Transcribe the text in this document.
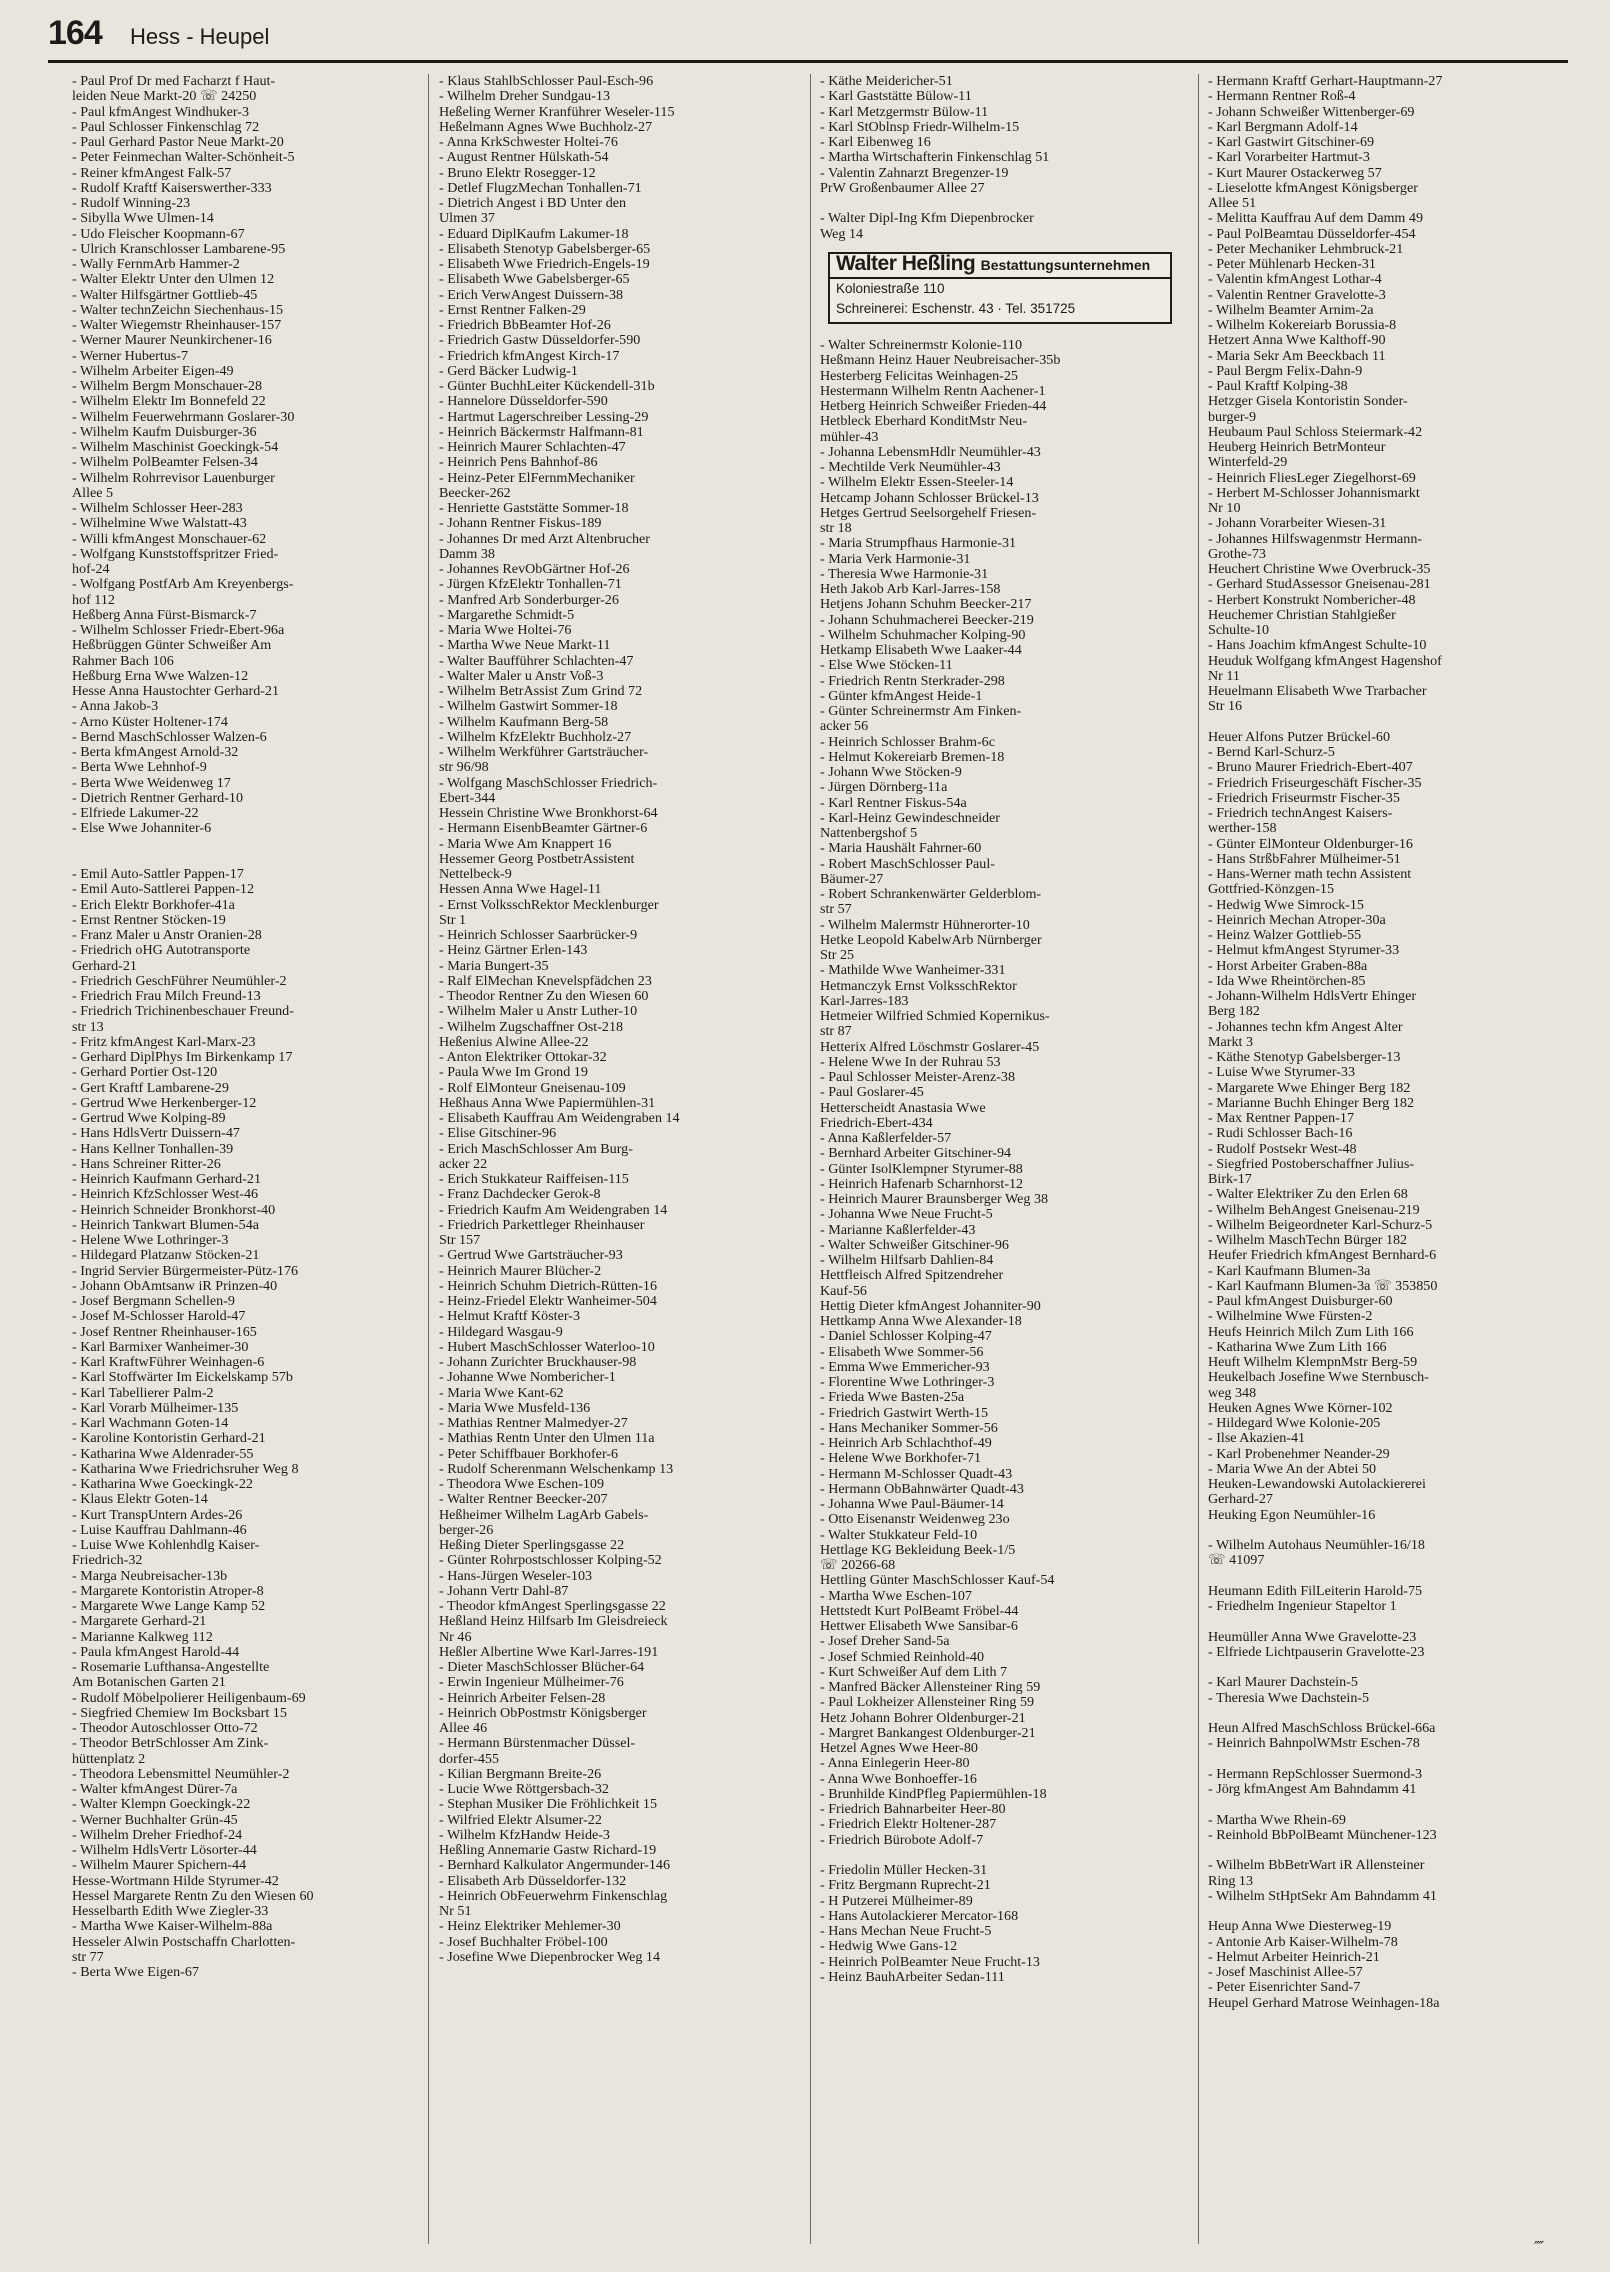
164 Hess - Heupel
- Paul Prof Dr med Facharzt f Haut-
leiden Neue Markt-20 ☏ 24250
- Paul kfmAngest Windhuker-3
- Paul Schlosser Finkenschlag 72
- Paul Gerhard Pastor Neue Markt-20
- Peter Feinmechan Walter-Schönheit-5
- Reiner kfmAngest Falk-57
- Rudolf Kraftf Kaiserswerther-333
- Rudolf Winning-23
- Sibylla Wwe Ulmen-14
- Udo Fleischer Koopmann-67
- Ulrich Kranschlosser Lambarene-95
- Wally FernmArb Hammer-2
- Walter Elektr Unter den Ulmen 12
- Walter Hilfsgärtner Gottlieb-45
- Walter technZeichn Siechenhaus-15
- Walter Wiegemstr Rheinhauser-157
- Werner Maurer Neunkirchener-16
- Werner Hubertus-7
- Wilhelm Arbeiter Eigen-49
- Wilhelm Bergm Monschauer-28
- Wilhelm Elektr Im Bonnefeld 22
- Wilhelm Feuerwehrmann Goslarer-30
- Wilhelm Kaufm Duisburger-36
- Wilhelm Maschinist Goeckingk-54
- Wilhelm PolBeamter Felsen-34
- Wilhelm Rohrrevisor Lauenburger
Allee 5
- Wilhelm Schlosser Heer-283
- Wilhelmine Wwe Walstatt-43
- Willi kfmAngest Monschauer-62
- Wolfgang Kunststoffspritzer Fried-
hof-24
- Wolfgang PostfArb Am Kreyenbergs-
hof 112
Heßberg Anna Fürst-Bismarck-7
- Wilhelm Schlosser Friedr-Ebert-96a
Heßbrüggen Günter Schweißer Am
Rahmer Bach 106
Heßburg Erna Wwe Walzen-12
Hesse Anna Haustochter Gerhard-21
- Anna Jakob-3
- Arno Küster Holtener-174
- Bernd MaschSchlosser Walzen-6
- Berta kfmAngest Arnold-32
- Berta Wwe Lehnhof-9
- Berta Wwe Weidenweg 17
- Dietrich Rentner Gerhard-10
- Elfriede Lakumer-22
- Else Wwe Johanniter-6
- Emil Auto-Sattler Pappen-17
- Emil Auto-Sattlerei Pappen-12
- Erich Elektr Borkhofer-41a
- Ernst Rentner Stöcken-19
- Franz Maler u Anstr Oranien-28
- Friedrich oHG Autotransporte
Gerhard-21
- Friedrich GeschFührer Neumühler-2
- Friedrich Frau Milch Freund-13
- Friedrich Trichinenbeschauer Freund-
str 13
- Fritz kfmAngest Karl-Marx-23
- Gerhard DiplPhys Im Birkenkamp 17
- Gerhard Portier Ost-120
- Gert Kraftf Lambarene-29
- Gertrud Wwe Herkenberger-12
- Gertrud Wwe Kolping-89
- Hans HdlsVertr Duissern-47
- Hans Kellner Tonhallen-39
- Hans Schreiner Ritter-26
- Heinrich Kaufmann Gerhard-21
- Heinrich KfzSchlosser West-46
- Heinrich Schneider Bronkhorst-40
- Heinrich Tankwart Blumen-54a
- Helene Wwe Lothringer-3
- Hildegard Platzanw Stöcken-21
- Ingrid Servier Bürgermeister-Pütz-176
- Johann ObAmtsanw iR Prinzen-40
- Josef Bergmann Schellen-9
- Josef M-Schlosser Harold-47
- Josef Rentner Rheinhauser-165
- Karl Barmixer Wanheimer-30
- Karl KraftwFührer Weinhagen-6
- Karl Stoffwärter Im Eickelskamp 57b
- Karl Tabellierer Palm-2
- Karl Vorarb Mülheimer-135
- Karl Wachmann Goten-14
- Karoline Kontoristin Gerhard-21
- Katharina Wwe Aldenrader-55
- Katharina Wwe Friedrichsruher Weg 8
- Katharina Wwe Goeckingk-22
- Klaus Elektr Goten-14
- Kurt TranspUntern Ardes-26
- Luise Kauffrau Dahlmann-46
- Luise Wwe Kohlenhdlg Kaiser-
Friedrich-32
- Marga Neubreisacher-13b
- Margarete Kontoristin Atroper-8
- Margarete Wwe Lange Kamp 52
- Margarete Gerhard-21
- Marianne Kalkweg 112
- Paula kfmAngest Harold-44
- Rosemarie Lufthansa-Angestellte
Am Botanischen Garten 21
- Rudolf Möbelpolierer Heiligenbaum-69
- Siegfried Chemiew Im Bocksbart 15
- Theodor Autoschlosser Otto-72
- Theodor BetrSchlosser Am Zink-
hüttenplatz 2
- Theodora Lebensmittel Neumühler-2
- Walter kfmAngest Dürer-7a
- Walter Klempn Goeckingk-22
- Werner Buchhalter Grün-45
- Wilhelm Dreher Friedhof-24
- Wilhelm HdlsVertr Lösorter-44
- Wilhelm Maurer Spichern-44
Hesse-Wortmann Hilde Styrumer-42
Hessel Margarete Rentn Zu den Wiesen 60
Hesselbarth Edith Wwe Ziegler-33
- Martha Wwe Kaiser-Wilhelm-88a
Hesseler Alwin Postschaffn Charlotten-
str 77
- Berta Wwe Eigen-67
- Klaus StahlbSchlosser Paul-Esch-96
- Wilhelm Dreher Sundgau-13
Heßeling Werner Kranführer Weseler-115
Heßelmann Agnes Wwe Buchholz-27
- Anna KrkSchwester Holtei-76
- August Rentner Hülskath-54
- Bruno Elektr Rosegger-12
- Detlef FlugzMechan Tonhallen-71
- Dietrich Angest i BD Unter den
Ulmen 37
- Eduard DiplKaufm Lakumer-18
- Elisabeth Stenotyp Gabelsberger-65
- Elisabeth Wwe Friedrich-Engels-19
- Elisabeth Wwe Gabelsberger-65
- Erich VerwAngest Duissern-38
- Ernst Rentner Falken-29
- Friedrich BbBeamter Hof-26
- Friedrich Gastw Düsseldorfer-590
- Friedrich kfmAngest Kirch-17
- Gerd Bäcker Ludwig-1
- Günter BuchhLeiter Kückendell-31b
- Hannelore Düsseldorfer-590
- Hartmut Lagerschreiber Lessing-29
- Heinrich Bäckermstr Halfmann-81
- Heinrich Maurer Schlachten-47
- Heinrich Pens Bahnhof-86
- Heinz-Peter ElFernmMechaniker
Beecker-262
- Henriette Gaststätte Sommer-18
- Johann Rentner Fiskus-189
- Johannes Dr med Arzt Altenbrucher
Damm 38
- Johannes RevObGärtner Hof-26
- Jürgen KfzElektr Tonhallen-71
- Manfred Arb Sonderburger-26
- Margarethe Schmidt-5
- Maria Wwe Holtei-76
- Martha Wwe Neue Markt-11
- Walter Baufführer Schlachten-47
- Walter Maler u Anstr Voß-3
- Wilhelm BetrAssist Zum Grind 72
- Wilhelm Gastwirt Sommer-18
- Wilhelm Kaufmann Berg-58
- Wilhelm KfzElektr Buchholz-27
- Wilhelm Werkführer Gartsträucher-
str 96/98
- Wolfgang MaschSchlosser Friedrich-
Ebert-344
Hessein Christine Wwe Bronkhorst-64
- Hermann EisenbBeamter Gärtner-6
- Maria Wwe Am Knappert 16
Hessemer Georg PostbetrAssistent
Nettelbeck-9
Hessen Anna Wwe Hagel-11
- Ernst VolksschRektor Mecklenburger
Str 1
- Heinrich Schlosser Saarbrücker-9
- Heinz Gärtner Erlen-143
- Maria Bungert-35
- Ralf ElMechan Knevelspfädchen 23
- Theodor Rentner Zu den Wiesen 60
- Wilhelm Maler u Anstr Luther-10
- Wilhelm Zugschaffner Ost-218
Heßenius Alwine Allee-22
- Anton Elektriker Ottokar-32
- Paula Wwe Im Grond 19
- Rolf ElMonteur Gneisenau-109
Heßhaus Anna Wwe Papiermühlen-31
- Elisabeth Kauffrau Am Weidengraben 14
- Elise Gitschiner-96
- Erich MaschSchlosser Am Burg-
acker 22
- Erich Stukkateur Raiffeisen-115
- Franz Dachdecker Gerok-8
- Friedrich Kaufm Am Weidengraben 14
- Friedrich Parkettleger Rheinhauser
Str 157
- Gertrud Wwe Gartsträucher-93
- Heinrich Maurer Blücher-2
- Heinrich Schuhm Dietrich-Rütten-16
- Heinz-Friedel Elektr Wanheimer-504
- Helmut Kraftf Köster-3
- Hildegard Wasgau-9
- Hubert MaschSchlosser Waterloo-10
- Johann Zurichter Bruckhauser-98
- Johanne Wwe Nombericher-1
- Maria Wwe Kant-62
- Maria Wwe Musfeld-136
- Mathias Rentner Malmedyer-27
- Mathias Rentn Unter den Ulmen 11a
- Peter Schiffbauer Borkhofer-6
- Rudolf Scherenmann Welschenkamp 13
- Theodora Wwe Eschen-109
- Walter Rentner Beecker-207
Heßheimer Wilhelm LagArb Gabels-
berger-26
Heßing Dieter Sperlingsgasse 22
- Günter Rohrpostschlosser Kolping-52
- Hans-Jürgen Weseler-103
- Johann Vertr Dahl-87
- Theodor kfmAngest Sperlingsgasse 22
Heßland Heinz Hilfsarb Im Gleisdreieck
Nr 46
Heßler Albertine Wwe Karl-Jarres-191
- Dieter MaschSchlosser Blücher-64
- Erwin Ingenieur Mülheimer-76
- Heinrich Arbeiter Felsen-28
- Heinrich ObPostmstr Königsberger
Allee 46
- Hermann Bürstenmacher Düssel-
dorfer-455
- Kilian Bergmann Breite-26
- Lucie Wwe Röttgersbach-32
- Stephan Musiker Die Fröhlichkeit 15
- Wilfried Elektr Alsumer-22
- Wilhelm KfzHandw Heide-3
Heßling Annemarie Gastw Richard-19
- Bernhard Kalkulator Angermunder-146
- Elisabeth Arb Düsseldorfer-132
- Heinrich ObFeuerwehrm Finkenschlag
Nr 51
- Heinz Elektriker Mehlemer-30
- Josef Buchhalter Fröbel-100
- Josefine Wwe Diepenbrocker Weg 14
- Käthe Meidericher-51
- Karl Gaststätte Bülow-11
- Karl Metzgermstr Bülow-11
- Karl StOblnsp Friedr-Wilhelm-15
- Karl Eibenweg 16
- Martha Wirtschafterin Finkenschlag 51
- Valentin Zahnarzt Bregenzer-19
PrW Großenbaumer Allee 27
- Walter Dipl-Ing Kfm Diepenbrocker
Weg 14
Walter Heßling Bestattungsunternehmen
Koloniestraße 110
Schreinerei: Eschenstr. 43 · Tel. 351725
- Walter Schreinermstr Kolonie-110
Heßmann Heinz Hauer Neubreisacher-35b
Hesterberg Felicitas Weinhagen-25
Hestermann Wilhelm Rentn Aachener-1
Hetberg Heinrich Schweißer Frieden-44
Hetbleck Eberhard KonditMstr Neu-
mühler-43
- Johanna LebensmHdlr Neumühler-43
- Mechtilde Verk Neumühler-43
- Wilhelm Elektr Essen-Steeler-14
Hetcamp Johann Schlosser Brückel-13
Hetges Gertrud Seelsorgehelf Friesen-
str 18
- Maria Strumpfhaus Harmonie-31
- Maria Verk Harmonie-31
- Theresia Wwe Harmonie-31
Heth Jakob Arb Karl-Jarres-158
Hetjens Johann Schuhm Beecker-217
- Johann Schuhmacherei Beecker-219
- Wilhelm Schuhmacher Kolping-90
Hetkamp Elisabeth Wwe Laaker-44
- Else Wwe Stöcken-11
- Friedrich Rentn Sterkrader-298
- Günter kfmAngest Heide-1
- Günter Schreinermstr Am Finken-
acker 56
- Heinrich Schlosser Brahm-6c
- Helmut Kokereiarb Bremen-18
- Johann Wwe Stöcken-9
- Jürgen Dörnberg-11a
- Karl Rentner Fiskus-54a
- Karl-Heinz Gewindeschneider
Nattenbergshof 5
- Maria Haushält Fahrner-60
- Robert MaschSchlosser Paul-
Bäumer-27
- Robert Schrankenwärter Gelderblom-
str 57
- Wilhelm Malermstr Hühnerorter-10
Hetke Leopold KabelwArb Nürnberger
Str 25
- Mathilde Wwe Wanheimer-331
Hetmanczyk Ernst VolksschRektor
Karl-Jarres-183
Hetmeier Wilfried Schmied Kopernikus-
str 87
Hetterix Alfred Löschmstr Goslarer-45
- Helene Wwe In der Ruhrau 53
- Paul Schlosser Meister-Arenz-38
- Paul Goslarer-45
Hetterscheidt Anastasia Wwe
Friedrich-Ebert-434
- Anna Kaßlerfelder-57
- Bernhard Arbeiter Gitschiner-94
- Günter IsolKlempner Styrumer-88
- Heinrich Hafenarb Scharnhorst-12
- Heinrich Maurer Braunsberger Weg 38
- Johanna Wwe Neue Frucht-5
- Marianne Kaßlerfelder-43
- Walter Schweißer Gitschiner-96
- Wilhelm Hilfsarb Dahlien-84
Hettfleisch Alfred Spitzendreher
Kauf-56
Hettig Dieter kfmAngest Johanniter-90
Hettkamp Anna Wwe Alexander-18
- Daniel Schlosser Kolping-47
- Elisabeth Wwe Sommer-56
- Emma Wwe Emmericher-93
- Florentine Wwe Lothringer-3
- Frieda Wwe Basten-25a
- Friedrich Gastwirt Werth-15
- Hans Mechaniker Sommer-56
- Heinrich Arb Schlachthof-49
- Helene Wwe Borkhofer-71
- Hermann M-Schlosser Quadt-43
- Hermann ObBahnwärter Quadt-43
- Johanna Wwe Paul-Bäumer-14
- Otto Eisenanstr Weidenweg 23o
- Walter Stukkateur Feld-10
Hettlage KG Bekleidung Beek-1/5
☏ 20266-68
Hettling Günter MaschSchlosser Kauf-54
- Martha Wwe Eschen-107
Hettstedt Kurt PolBeamt Fröbel-44
Hettwer Elisabeth Wwe Sansibar-6
- Josef Dreher Sand-5a
- Josef Schmied Reinhold-40
- Kurt Schweißer Auf dem Lith 7
- Manfred Bäcker Allensteiner Ring 59
- Paul Lokheizer Allensteiner Ring 59
Hetz Johann Bohrer Oldenburger-21
- Margret Bankangest Oldenburger-21
Hetzel Agnes Wwe Heer-80
- Anna Einlegerin Heer-80
- Anna Wwe Bonhoeffer-16
- Brunhilde KindPfleg Papiermühlen-18
- Friedrich Bahnarbeiter Heer-80
- Friedrich Elektr Holtener-287
- Friedrich Bürobote Adolf-7
- Friedolin Müller Hecken-31
- Fritz Bergmann Ruprecht-21
- H Putzerei Mülheimer-89
- Hans Autolackierer Mercator-168
- Hans Mechan Neue Frucht-5
- Hedwig Wwe Gans-12
- Heinrich PolBeamter Neue Frucht-13
- Heinz BauhArbeiter Sedan-111
- Hermann Kraftf Gerhart-Hauptmann-27
- Hermann Rentner Roß-4
- Johann Schweißer Wittenberger-69
- Karl Bergmann Adolf-14
- Karl Gastwirt Gitschiner-69
- Karl Vorarbeiter Hartmut-3
- Kurt Maurer Ostackerweg 57
- Lieselotte kfmAngest Königsberger
Allee 51
- Melitta Kauffrau Auf dem Damm 49
- Paul PolBeamtau Düsseldorfer-454
- Peter Mechaniker Lehmbruck-21
- Peter Mühlenarb Hecken-31
- Valentin kfmAngest Lothar-4
- Valentin Rentner Gravelotte-3
- Wilhelm Beamter Arnim-2a
- Wilhelm Kokereiarb Borussia-8
Hetzert Anna Wwe Kalthoff-90
- Maria Sekr Am Beeckbach 11
- Paul Bergm Felix-Dahn-9
- Paul Kraftf Kolping-38
Hetzger Gisela Kontoristin Sonder-
burger-9
Heubaum Paul Schloss Steiermark-42
Heuberg Heinrich BetrMonteur
Winterfeld-29
- Heinrich FliesLeger Ziegelhorst-69
- Herbert M-Schlosser Johannismarkt
Nr 10
- Johann Vorarbeiter Wiesen-31
- Johannes Hilfswagenmstr Hermann-
Grothe-73
Heuchert Christine Wwe Overbruck-35
- Gerhard StudAssessor Gneisenau-281
- Herbert Konstrukt Nombericher-48
Heuchemer Christian Stahlgießer
Schulte-10
- Hans Joachim kfmAngest Schulte-10
Heuduk Wolfgang kfmAngest Hagenshof
Nr 11
Heuelmann Elisabeth Wwe Trarbacher
Str 16
Heuer Alfons Putzer Brückel-60
- Bernd Karl-Schurz-5
- Bruno Maurer Friedrich-Ebert-407
- Friedrich Friseurgeschäft Fischer-35
- Friedrich Friseurmstr Fischer-35
- Friedrich technAngest Kaisers-
werther-158
- Günter ElMonteur Oldenburger-16
- Hans StrßbFahrer Mülheimer-51
- Hans-Werner math techn Assistent
Gottfried-Könzgen-15
- Hedwig Wwe Simrock-15
- Heinrich Mechan Atroper-30a
- Heinz Walzer Gottlieb-55
- Helmut kfmAngest Styrumer-33
- Horst Arbeiter Graben-88a
- Ida Wwe Rheintörchen-85
- Johann-Wilhelm HdlsVertr Ehinger
Berg 182
- Johannes techn kfm Angest Alter
Markt 3
- Käthe Stenotyp Gabelsberger-13
- Luise Wwe Styrumer-33
- Margarete Wwe Ehinger Berg 182
- Marianne Buchh Ehinger Berg 182
- Max Rentner Pappen-17
- Rudi Schlosser Bach-16
- Rudolf Postsekr West-48
- Siegfried Postoberschaffner Julius-
Birk-17
- Walter Elektriker Zu den Erlen 68
- Wilhelm BehAngest Gneisenau-219
- Wilhelm Beigeordneter Karl-Schurz-5
- Wilhelm MaschTechn Bürger 182
Heufer Friedrich kfmAngest Bernhard-6
- Karl Kaufmann Blumen-3a
- Karl Kaufmann Blumen-3a ☏ 353850
- Paul kfmAngest Duisburger-60
- Wilhelmine Wwe Fürsten-2
Heufs Heinrich Milch Zum Lith 166
- Katharina Wwe Zum Lith 166
Heuft Wilhelm KlempnMstr Berg-59
Heukelbach Josefine Wwe Sternbusch-
weg 348
Heuken Agnes Wwe Körner-102
- Hildegard Wwe Kolonie-205
- Ilse Akazien-41
- Karl Probenehmer Neander-29
- Maria Wwe An der Abtei 50
Heuken-Lewandowski Autolackiererei
Gerhard-27
Heuking Egon Neumühler-16
- Wilhelm Autohaus Neumühler-16/18
☏ 41097
Heumann Edith FilLeiterin Harold-75
- Friedhelm Ingenieur Stapeltor 1
Heumüller Anna Wwe Gravelotte-23
- Elfriede Lichtpauserin Gravelotte-23
- Karl Maurer Dachstein-5
- Theresia Wwe Dachstein-5
Heun Alfred MaschSchloss Brückel-66a
- Heinrich BahnpolWMstr Eschen-78
- Hermann RepSchlosser Suermond-3
- Jörg kfmAngest Am Bahndamm 41
- Martha Wwe Rhein-69
- Reinhold BbPolBeamt Münchener-123
- Wilhelm BbBetrWart iR Allensteiner
Ring 13
- Wilhelm StHptSekr Am Bahndamm 41
Heup Anna Wwe Diesterweg-19
- Antonie Arb Kaiser-Wilhelm-78
- Helmut Arbeiter Heinrich-21
- Josef Maschinist Allee-57
- Peter Eisenrichter Sand-7
Heupel Gerhard Matrose Weinhagen-18a
⁗
